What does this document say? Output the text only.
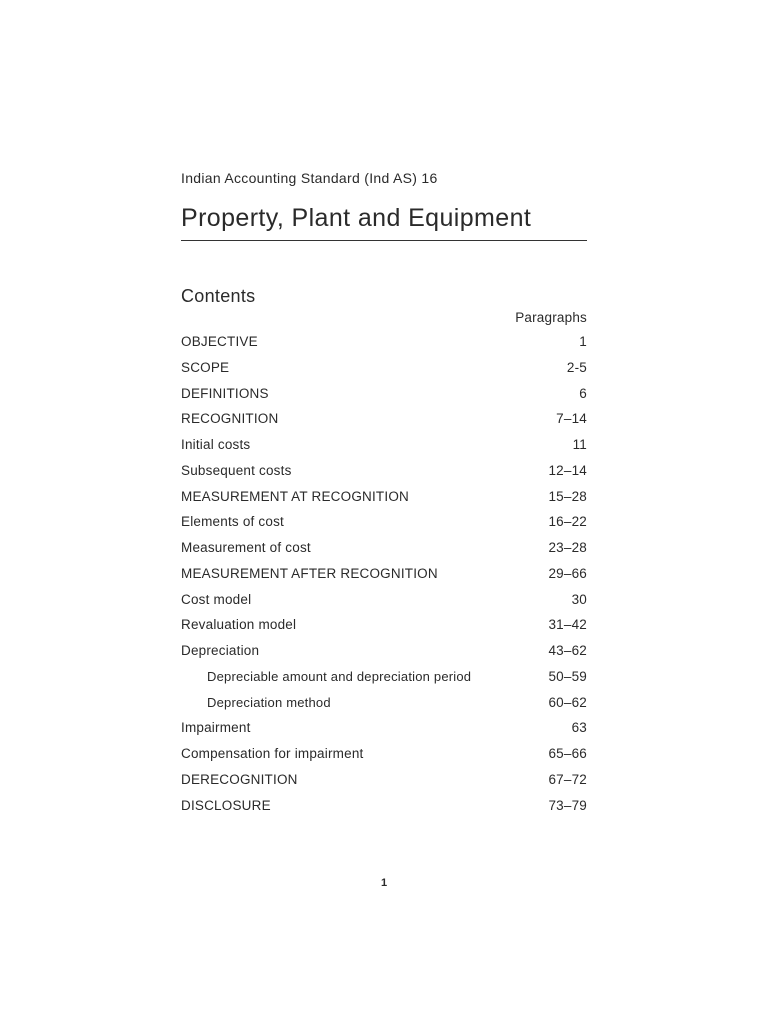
Indian Accounting Standard (Ind AS) 16
Property, Plant and Equipment
Contents
Paragraphs
OBJECTIVE	1
SCOPE	2-5
DEFINITIONS	6
RECOGNITION	7–14
Initial costs	11
Subsequent costs	12–14
MEASUREMENT AT RECOGNITION	15–28
Elements of cost	16–22
Measurement of cost	23–28
MEASUREMENT AFTER RECOGNITION	29–66
Cost model	30
Revaluation model	31–42
Depreciation	43–62
Depreciable amount and depreciation period	50–59
Depreciation method	60–62
Impairment	63
Compensation for impairment	65–66
DERECOGNITION	67–72
DISCLOSURE	73–79
1
